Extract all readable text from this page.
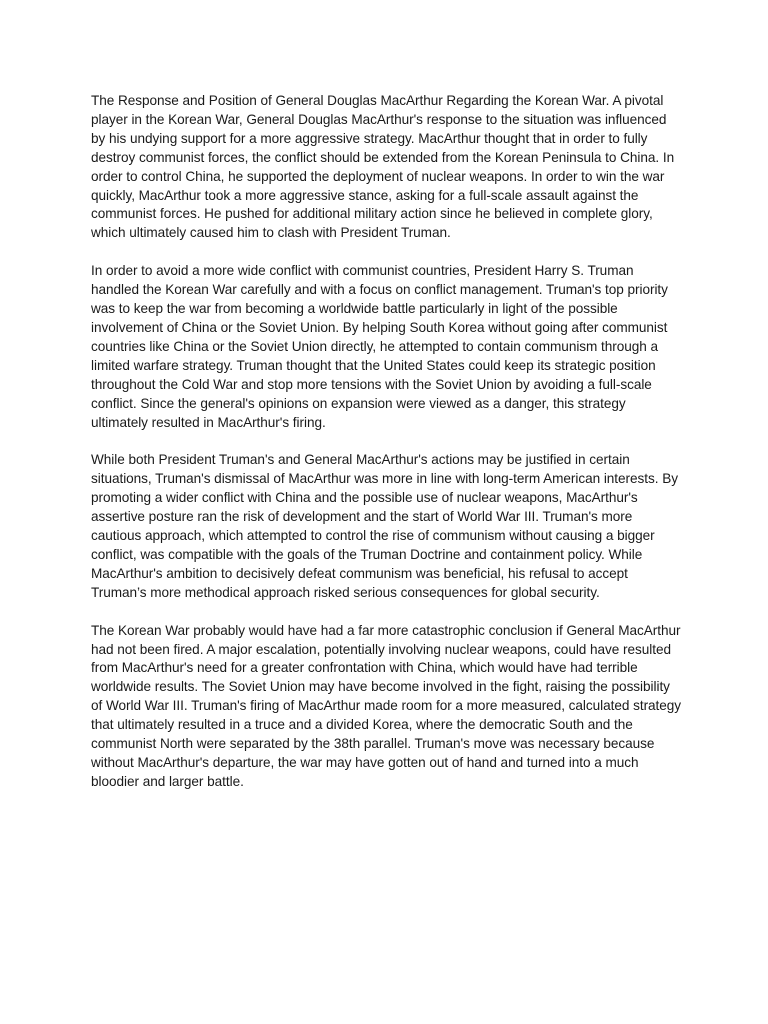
The Response and Position of General Douglas MacArthur Regarding the Korean War. A pivotal player in the Korean War, General Douglas MacArthur's response to the situation was influenced by his undying support for a more aggressive strategy. MacArthur thought that in order to fully destroy communist forces, the conflict should be extended from the Korean Peninsula to China. In order to control China, he supported the deployment of nuclear weapons. In order to win the war quickly, MacArthur took a more aggressive stance, asking for a full-scale assault against the communist forces. He pushed for additional military action since he believed in complete glory, which ultimately caused him to clash with President Truman.

In order to avoid a more wide conflict with communist countries, President Harry S. Truman handled the Korean War carefully and with a focus on conflict management. Truman's top priority was to keep the war from becoming a worldwide battle particularly in light of the possible involvement of China or the Soviet Union. By helping South Korea without going after communist countries like China or the Soviet Union directly, he attempted to contain communism through a limited warfare strategy. Truman thought that the United States could keep its strategic position throughout the Cold War and stop more tensions with the Soviet Union by avoiding a full-scale conflict. Since the general's opinions on expansion were viewed as a danger, this strategy ultimately resulted in MacArthur's firing.

While both President Truman's and General MacArthur's actions may be justified in certain situations, Truman's dismissal of MacArthur was more in line with long-term American interests. By promoting a wider conflict with China and the possible use of nuclear weapons, MacArthur's assertive posture ran the risk of development and the start of World War III. Truman's more cautious approach, which attempted to control the rise of communism without causing a bigger conflict, was compatible with the goals of the Truman Doctrine and containment policy. While MacArthur's ambition to decisively defeat communism was beneficial, his refusal to accept Truman’s more methodical approach risked serious consequences for global security.

The Korean War probably would have had a far more catastrophic conclusion if General MacArthur had not been fired. A major escalation, potentially involving nuclear weapons, could have resulted from MacArthur's need for a greater confrontation with China, which would have had terrible worldwide results. The Soviet Union may have become involved in the fight, raising the possibility of World War III. Truman's firing of MacArthur made room for a more measured, calculated strategy that ultimately resulted in a truce and a divided Korea, where the democratic South and the communist North were separated by the 38th parallel. Truman's move was necessary because without MacArthur's departure, the war may have gotten out of hand and turned into a much bloodier and larger battle.
